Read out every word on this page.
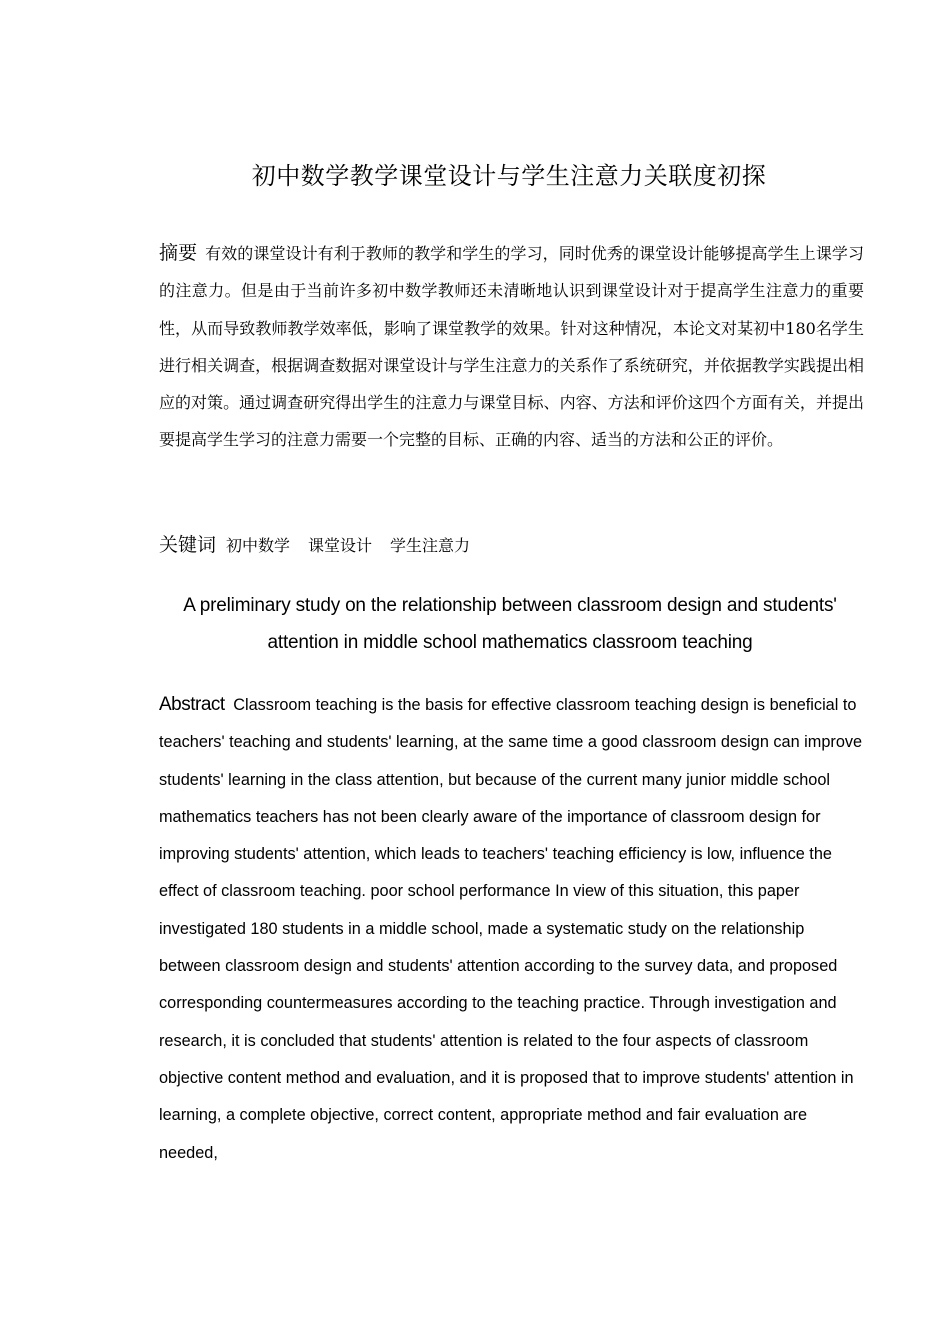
初中数学教学课堂设计与学生注意力关联度初探

摘要 有效的课堂设计有利于教师的教学和学生的学习，同时优秀的课堂设计能够提高学生上课学习的注意力。但是由于当前许多初中数学教师还未清晰地认识到课堂设计对于提高学生注意力的重要性，从而导致教师教学效率低，影响了课堂教学的效果。针对这种情况，本论文对某初中180名学生进行相关调查，根据调查数据对课堂设计与学生注意力的关系作了系统研究，并依据教学实践提出相应的对策。通过调查研究得出学生的注意力与课堂目标、内容、方法和评价这四个方面有关，并提出要提高学生学习的注意力需要一个完整的目标、正确的内容、适当的方法和公正的评价。

关键词 初中数学 课堂设计 学生注意力

A preliminary study on the relationship between classroom design and students'
attention in middle school mathematics classroom teaching

Abstract Classroom teaching is the basis for effective classroom teaching design is beneficial to teachers' teaching and students' learning, at the same time a good classroom design can improve students' learning in the class attention, but because of the current many junior middle school mathematics teachers has not been clearly aware of the importance of classroom design for improving students' attention, which leads to teachers' teaching efficiency is low, influence the effect of classroom teaching. poor school performance In view of this situation, this paper investigated 180 students in a middle school, made a systematic study on the relationship between classroom design and students' attention according to the survey data, and proposed corresponding countermeasures according to the teaching practice. Through investigation and research, it is concluded that students' attention is related to the four aspects of classroom objective content method and evaluation, and it is proposed that to improve students' attention in learning, a complete objective, correct content, appropriate method and fair evaluation are needed,
